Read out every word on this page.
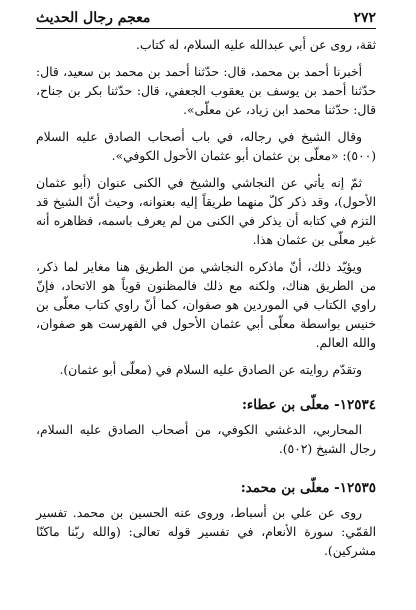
٢٧٢
معجم رجال الحديث

ثقة، روى عن أبي عبدالله عليه السلام، له كتاب.

أخبرنا أحمد بن محمد، قال: حدّثنا أحمد بن محمد بن سعيد، قال: حدّثنا أحمد بن يوسف بن يعقوب الجعفي، قال: حدّثنا بكر بن جناح، قال: حدّثنا محمد ابن زياد، عن معلّى».

وقال الشيخ في رجاله، في باب أصحاب الصادق عليه السلام (٥٠٠): «معلّى بن عثمان أبو عثمان الأحول الكوفي».

ثمّ إنه يأتي عن النجاشي والشيخ في الكنى عنوان (أبو عثمان الأحول)، وقد ذكر كلّ منهما طريقاً إليه بعنوانه، وحيث أنّ الشيخ قد التزم في كتابه أن يذكر في الكنى من لم يعرف باسمه، فظاهره أنه غير معلّى بن عثمان هذا.

ويؤيّد ذلك، أنّ ماذكره النجاشي من الطريق هنا مغاير لما ذكر، من الطريق هناك، ولكنه مع ذلك فالمظنون قوياً هو الاتحاد، فإنّ راوي الكتاب في الموردين هو صفوان، كما أنّ راوي كتاب معلّى بن خنيس بواسطة معلّى أبي عثمان الأحول في الفهرست هو صفوان، والله العالم.

وتقدّم روايته عن الصادق عليه السلام في (معلّى أبو عثمان).

١٢٥٣٤- معلّى بن عطاء:

المحاربي، الدغشي الكوفي، من أصحاب الصادق عليه السلام، رجال الشيخ (٥٠٢).

١٢٥٣٥- معلّى بن محمد:

روى عن علي بن أسباط، وروى عنه الحسين بن محمد. تفسير القمّي: سورة الأنعام، في تفسير قوله تعالى: (والله ربّنا ماكنّا مشركين).
